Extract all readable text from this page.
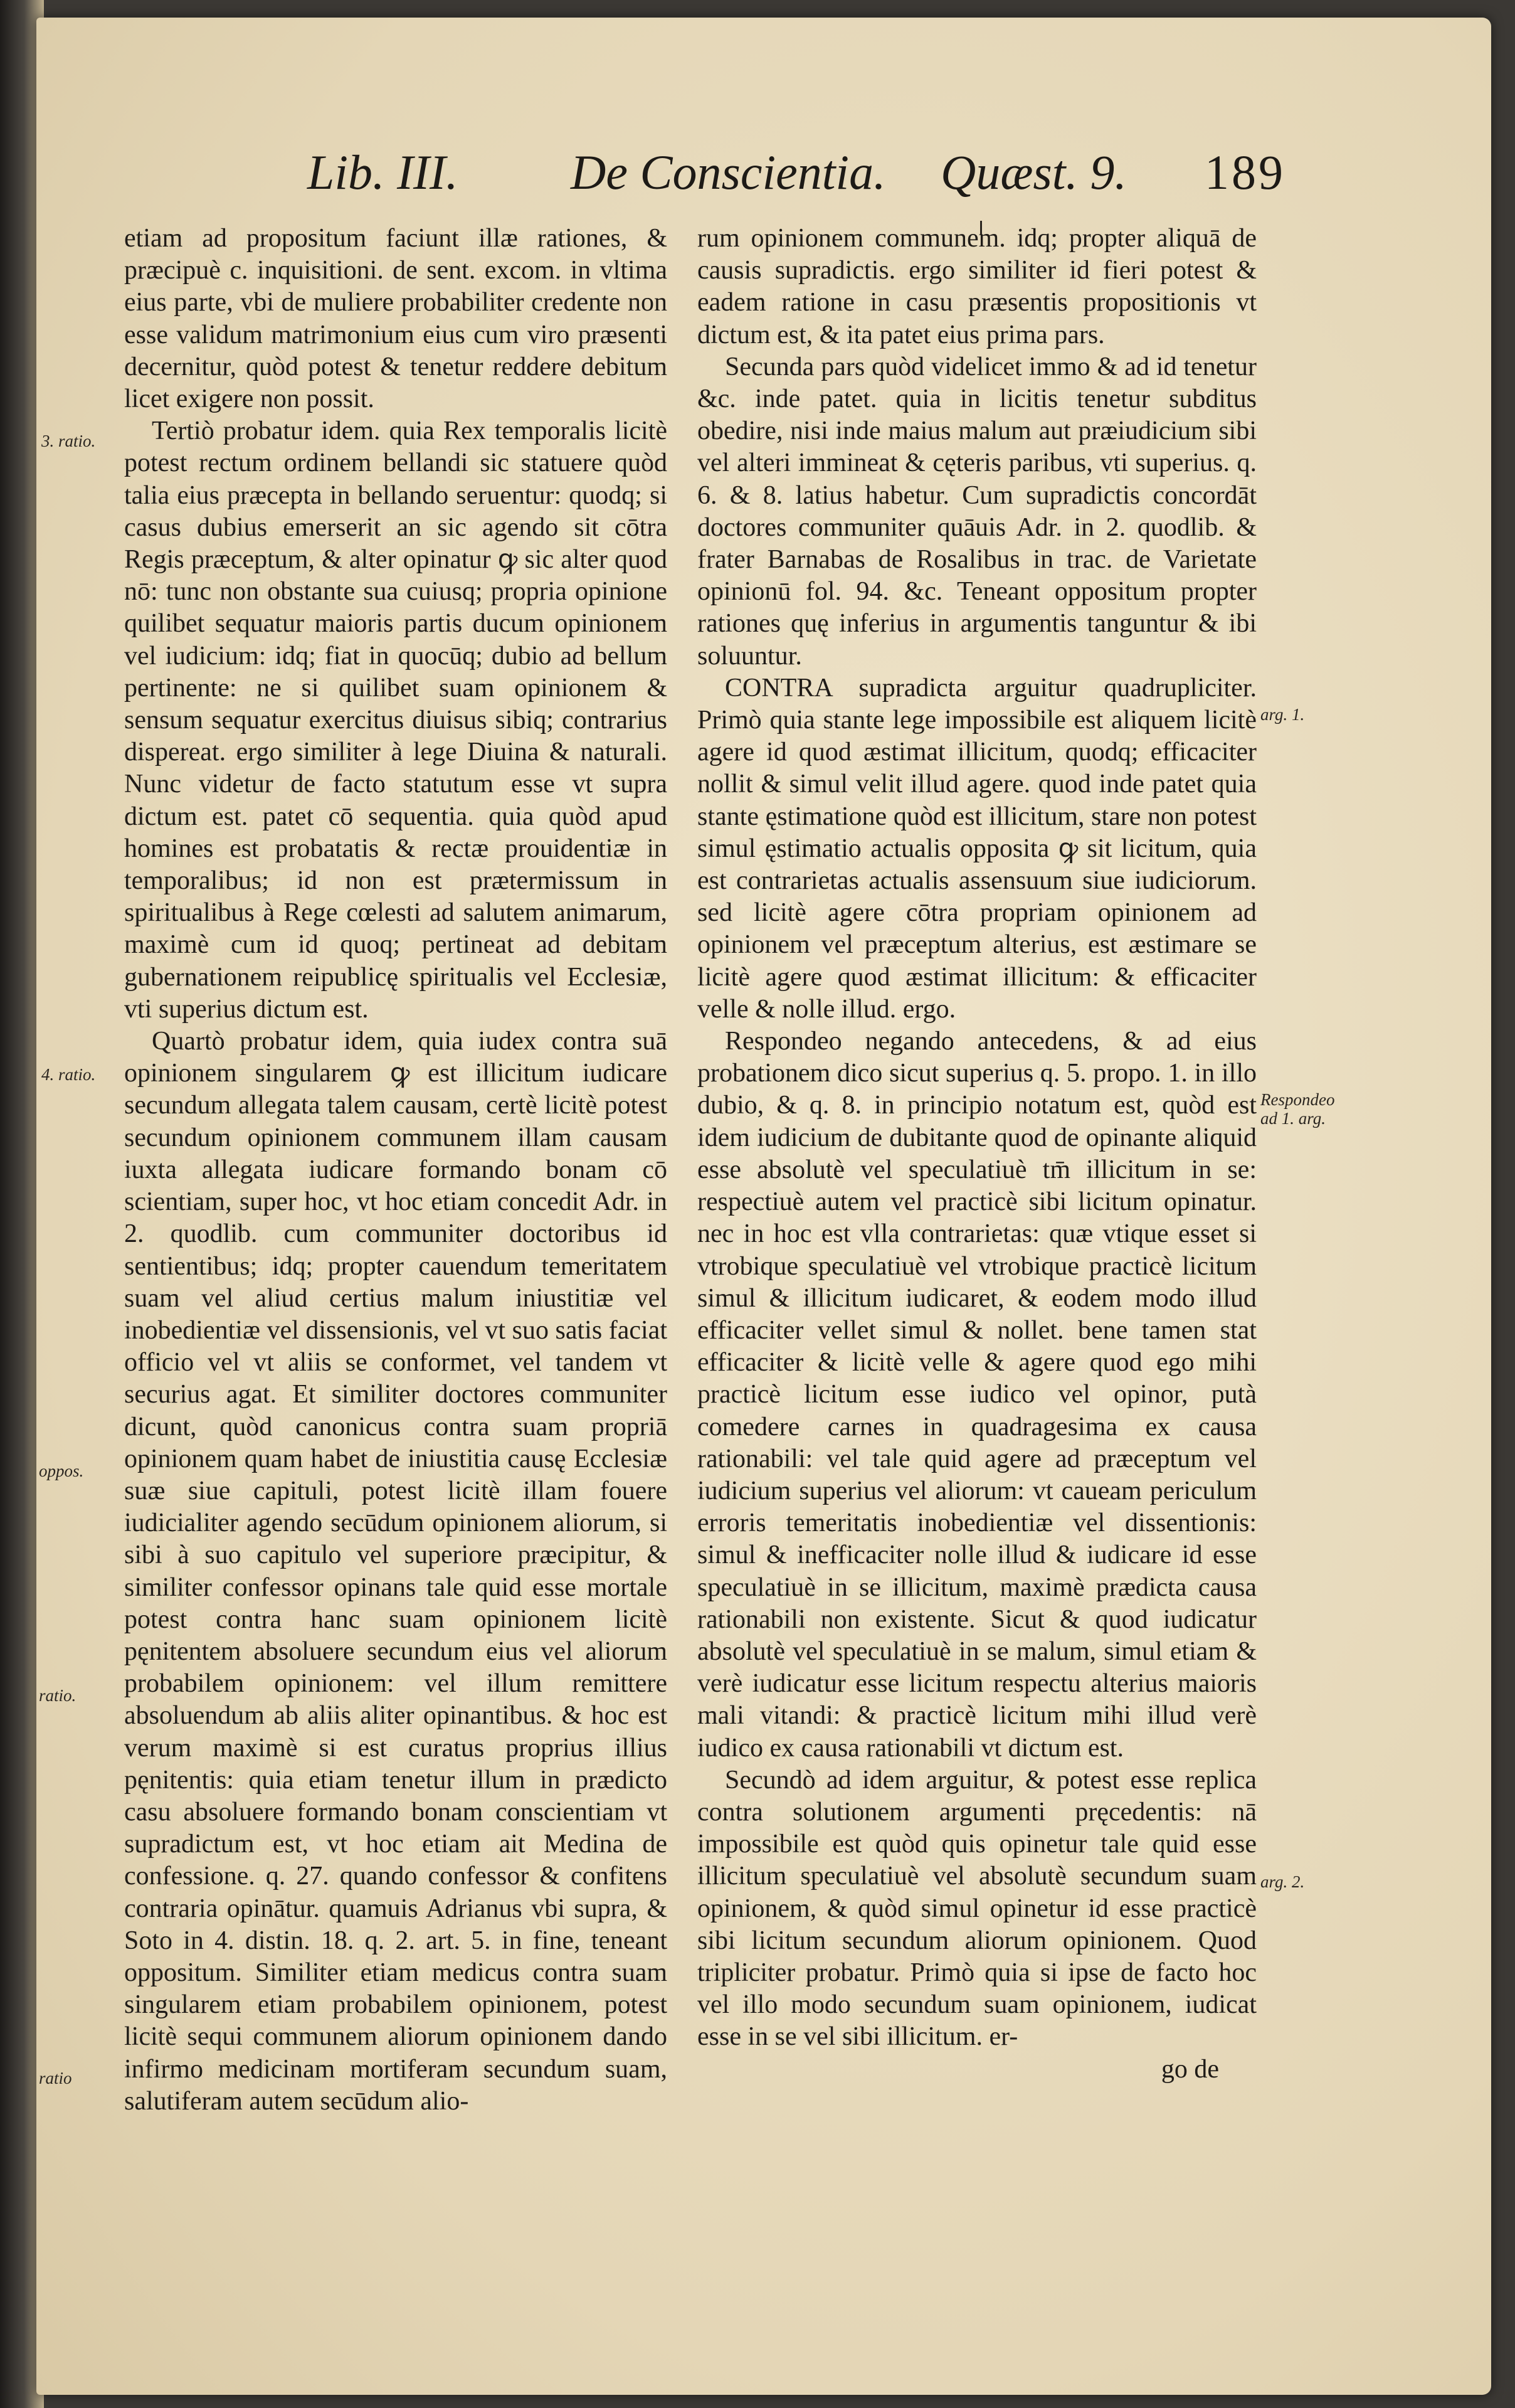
Lib. III. De Conscientia. Quæst. 9. 189
3. ratio.
4. ratio.
oppos.
ratio.
ratio
arg. 1.
Respondeo ad 1. arg.
arg. 2.

etiam ad propositum faciunt illæ rationes, & præcipuè c. inquisitioni. de sent. excom. in vltima eius parte, vbi de muliere probabiliter credente non esse validum matrimonium eius cum viro præsenti decernitur, quòd potest & tenetur reddere debitum licet exigere non possit.

Tertiò probatur idem. quia Rex temporalis licitè potest rectum ordinem bellandi sic statuere quòd talia eius præcepta in bellando seruentur: quodq; si casus dubius emerserit an sic agendo sit cōtra Regis præceptum, & alter opinatur ꝙ sic alter quod nō: tunc non obstante sua cuiusq; propria opinione quilibet sequatur maioris partis ducum opinionem vel iudicium: idq; fiat in quocūq; dubio ad bellum pertinente: ne si quilibet suam opinionem & sensum sequatur exercitus diuisus sibiq; contrarius dispereat. ergo similiter à lege Diuina & naturali. Nunc videtur de facto statutum esse vt supra dictum est. patet cō sequentia. quia quòd apud homines est probatatis & rectæ prouidentiæ in temporalibus; id non est prætermissum in spiritualibus à Rege cœlesti ad salutem animarum, maximè cum id quoq; pertineat ad debitam gubernationem reipublicę spiritualis vel Ecclesiæ, vti superius dictum est.

Quartò probatur idem, quia iudex contra suā opinionem singularem ꝙ est illicitum iudicare secundum allegata talem causam, certè licitè potest secundum opinionem communem illam causam iuxta allegata iudicare formando bonam cō scientiam, super hoc, vt hoc etiam concedit Adr. in 2. quodlib. cum communiter doctoribus id sentientibus; idq; propter cauendum temeritatem suam vel aliud certius malum iniustitiæ vel inobedientiæ vel dissensionis, vel vt suo satis faciat officio vel vt aliis se conformet, vel tandem vt securius agat. Et similiter doctores communiter dicunt, quòd canonicus contra suam propriā opinionem quam habet de iniustitia causę Ecclesiæ suæ siue capituli, potest licitè illam fouere iudicialiter agendo secūdum opinionem aliorum, si sibi à suo capitulo vel superiore præcipitur, & similiter confessor opinans tale quid esse mortale potest contra hanc suam opinionem licitè pęnitentem absoluere secundum eius vel aliorum probabilem opinionem: vel illum remittere absoluendum ab aliis aliter opinantibus. & hoc est verum maximè si est curatus proprius illius pęnitentis: quia etiam tenetur illum in prædicto casu absoluere formando bonam conscientiam vt supradictum est, vt hoc etiam ait Medina de confessione. q. 27. quando confessor & confitens contraria opinātur. quamuis Adrianus vbi supra, & Soto in 4. distin. 18. q. 2. art. 5. in fine, teneant oppositum. Similiter etiam medicus contra suam singularem etiam probabilem opinionem, potest licitè sequi communem aliorum opinionem dando infirmo medicinam mortiferam secundum suam, salutiferam autem secūdum alio-

rum opinionem communem. idq; propter aliquā de causis supradictis. ergo similiter id fieri potest & eadem ratione in casu præsentis propositionis vt dictum est, & ita patet eius prima pars.

Secunda pars quòd videlicet immo & ad id tenetur &c. inde patet. quia in licitis tenetur subditus obedire, nisi inde maius malum aut præiudicium sibi vel alteri immineat & cęteris paribus, vti superius. q. 6. & 8. latius habetur. Cum supradictis concordāt doctores communiter quāuis Adr. in 2. quodlib. & frater Barnabas de Rosalibus in trac. de Varietate opinionū fol. 94. &c. Teneant oppositum propter rationes quę inferius in argumentis tanguntur & ibi soluuntur.

CONTRA supradicta arguitur quadrupliciter. Primò quia stante lege impossibile est aliquem licitè agere id quod æstimat illicitum, quodq; efficaciter nollit & simul velit illud agere. quod inde patet quia stante ęstimatione quòd est illicitum, stare non potest simul ęstimatio actualis opposita ꝙ sit licitum, quia est contrarietas actualis assensuum siue iudiciorum. sed licitè agere cōtra propriam opinionem ad opinionem vel præceptum alterius, est æstimare se licitè agere quod æstimat illicitum: & efficaciter velle & nolle illud. ergo.

Respondeo negando antecedens, & ad eius probationem dico sicut superius q. 5. propo. 1. in illo dubio, & q. 8. in principio notatum est, quòd est idem iudicium de dubitante quod de opinante aliquid esse absolutè vel speculatiuè tm̄ illicitum in se: respectiuè autem vel practicè sibi licitum opinatur. nec in hoc est vlla contrarietas: quæ vtique esset si vtrobique speculatiuè vel vtrobique practicè licitum simul & illicitum iudicaret, & eodem modo illud efficaciter vellet simul & nollet. bene tamen stat efficaciter & licitè velle & agere quod ego mihi practicè licitum esse iudico vel opinor, putà comedere carnes in quadragesima ex causa rationabili: vel tale quid agere ad præceptum vel iudicium superius vel aliorum: vt caueam periculum erroris temeritatis inobedientiæ vel dissentionis: simul & inefficaciter nolle illud & iudicare id esse speculatiuè in se illicitum, maximè prædicta causa rationabili non existente. Sicut & quod iudicatur absolutè vel speculatiuè in se malum, simul etiam & verè iudicatur esse licitum respectu alterius maioris mali vitandi: & practicè licitum mihi illud verè iudico ex causa rationabili vt dictum est.

Secundò ad idem arguitur, & potest esse replica contra solutionem argumenti pręcedentis: nā impossibile est quòd quis opinetur tale quid esse illicitum speculatiuè vel absolutè secundum suam opinionem, & quòd simul opinetur id esse practicè sibi licitum secundum aliorum opinionem. Quod tripliciter probatur. Primò quia si ipse de facto hoc vel illo modo secundum suam opinionem, iudicat esse in se vel sibi illicitum. er-

go de
